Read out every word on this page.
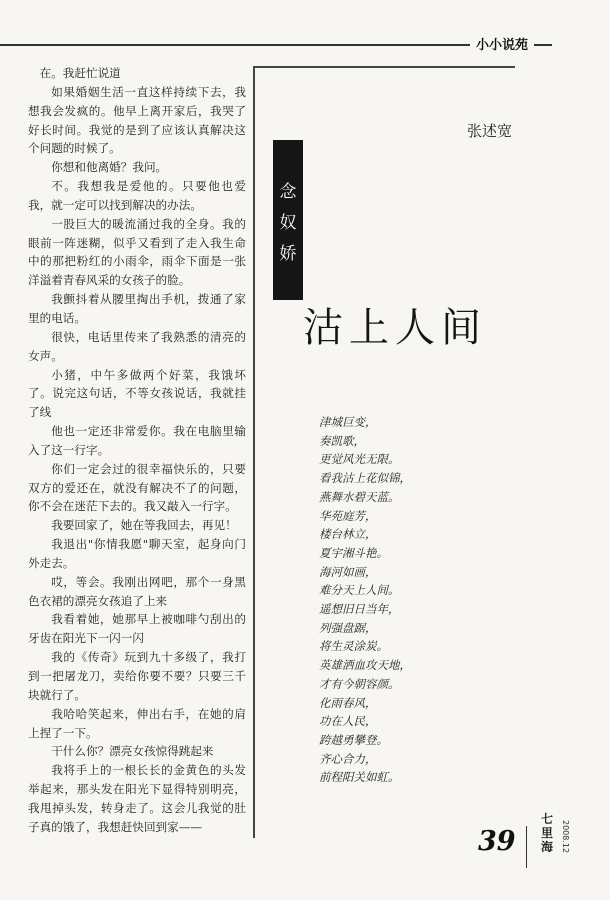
小小说苑

在。我赶忙说道

如果婚姻生活一直这样持续下去，我想我会发疯的。他早上离开家后，我哭了好长时间。我觉的是到了应该认真解决这个问题的时候了。

你想和他离婚？我问。

不。我想我是爱他的。只要他也爱我，就一定可以找到解决的办法。

一股巨大的暖流涌过我的全身。我的眼前一阵迷糊，似乎又看到了走入我生命中的那把粉红的小雨伞，雨伞下面是一张洋溢着青春风采的女孩子的脸。

我颤抖着从腰里掏出手机，拨通了家里的电话。

很快，电话里传来了我熟悉的清亮的女声。

小猪，中午多做两个好菜，我饿坏了。说完这句话，不等女孩说话，我就挂了线

他也一定还非常爱你。我在电脑里输入了这一行字。

你们一定会过的很幸福快乐的，只要双方的爱还在，就没有解决不了的问题，你不会在迷茫下去的。我又敲入一行字。

我要回家了，她在等我回去，再见！

我退出"你情我愿"聊天室，起身向门外走去。

哎，等会。我刚出网吧，那个一身黑色衣裙的漂亮女孩追了上来

我看着她，她那早上被咖啡勺刮出的牙齿在阳光下一闪一闪

我的《传奇》玩到九十多级了，我打到一把屠龙刀，卖给你要不要？只要三千块就行了。

我哈哈笑起来，伸出右手，在她的肩上捏了一下。

干什么你？漂亮女孩惊得跳起来

我将手上的一根长长的金黄色的头发举起来，那头发在阳光下显得特别明亮，我甩掉头发，转身走了。这会儿我觉的肚子真的饿了，我想赶快回到家——

张述宽
念
奴
娇
沽上人间
津城巨变，
奏凯歌，
更觉风光无限。
看我沽上花似锦，
燕舞水碧天蓝。
华苑庭芳，
楼台林立，
夏宇湘斗艳。
海河如画，
难分天上人间。
遥想旧日当年，
列强盘踞，
将生灵涂炭。
英雄洒血攻天地，
才有今朝容颜。
化雨春风，
功在人民，
跨越勇攀登。
齐心合力，
前程阳关如虹。
39
七里海	2008.12
